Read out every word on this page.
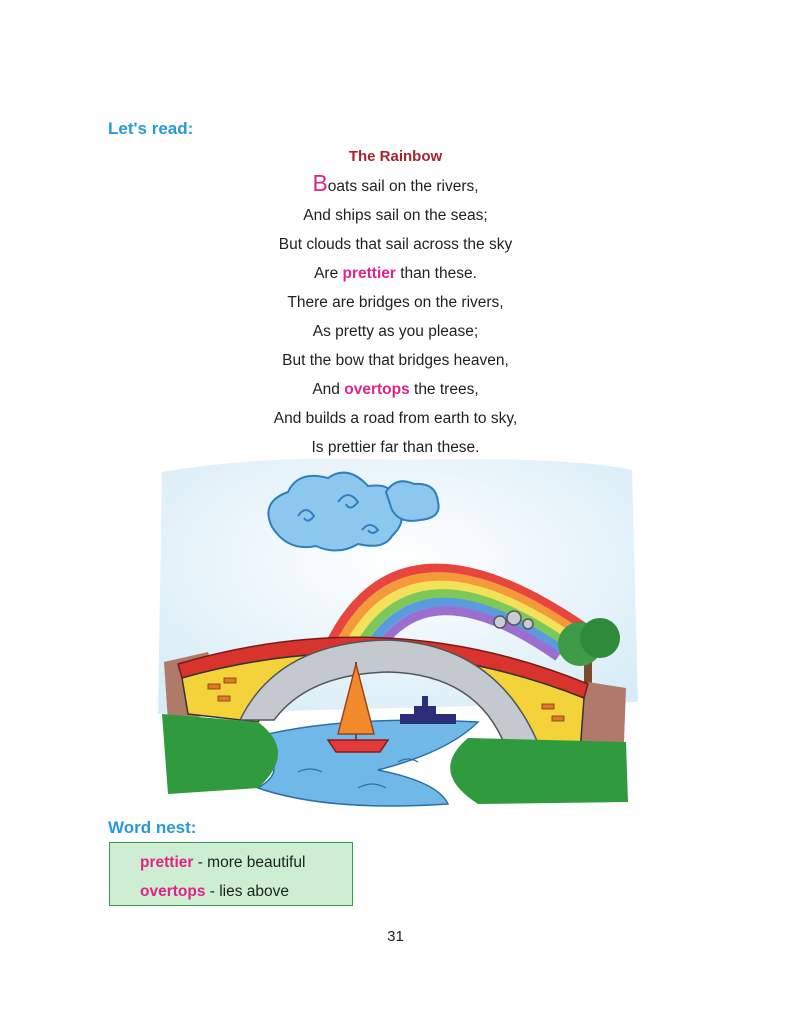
Let's read:
The Rainbow
Boats sail on the rivers,
And ships sail on the seas;
But clouds that sail across the sky
Are prettier than these.
There are bridges on the rivers,
As pretty as you please;
But the bow that bridges heaven,
And overtops the trees,
And builds a road from earth to sky,
Is prettier far than these.
Word nest:
prettier - more beautiful
overtops - lies above
31
